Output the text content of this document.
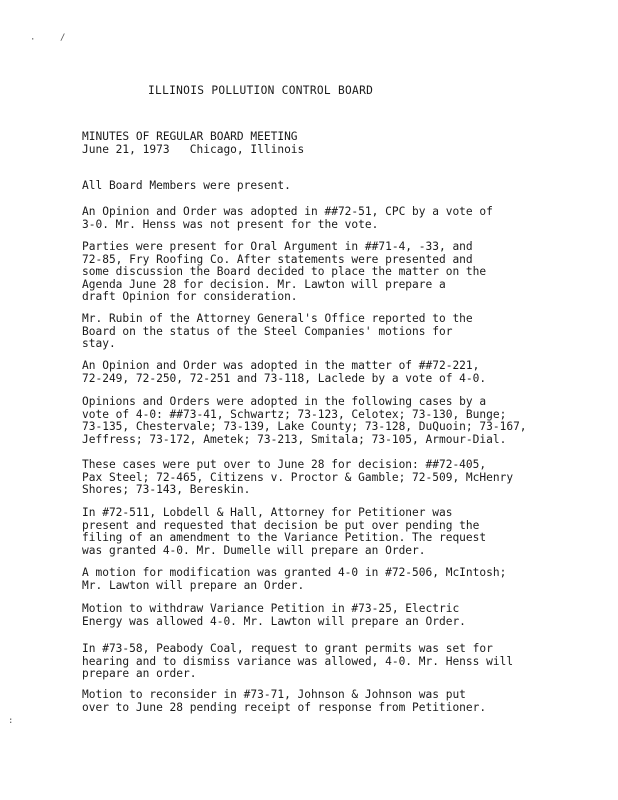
·	/
:
ILLINOIS POLLUTION CONTROL BOARD
MINUTES OF REGULAR BOARD MEETING
June 21, 1973   Chicago, Illinois
All Board Members were present.
An Opinion and Order was adopted in ##72-51, CPC by a vote of
3-0. Mr. Henss was not present for the vote.
Parties were present for Oral Argument in ##71-4, -33, and
72-85, Fry Roofing Co. After statements were presented and
some discussion the Board decided to place the matter on the
Agenda June 28 for decision. Mr. Lawton will prepare a
draft Opinion for consideration.
Mr. Rubin of the Attorney General's Office reported to the
Board on the status of the Steel Companies' motions for
stay.
An Opinion and Order was adopted in the matter of ##72-221,
72-249, 72-250, 72-251 and 73-118, Laclede by a vote of 4-0.
Opinions and Orders were adopted in the following cases by a
vote of 4-0: ##73-41, Schwartz; 73-123, Celotex; 73-130, Bunge;
73-135, Chestervale; 73-139, Lake County; 73-128, DuQuoin; 73-167,
Jeffress; 73-172, Ametek; 73-213, Smitala; 73-105, Armour-Dial.
These cases were put over to June 28 for decision: ##72-405,
Pax Steel; 72-465, Citizens v. Proctor & Gamble; 72-509, McHenry
Shores; 73-143, Bereskin.
In #72-511, Lobdell & Hall, Attorney for Petitioner was
present and requested that decision be put over pending the
filing of an amendment to the Variance Petition. The request
was granted 4-0. Mr. Dumelle will prepare an Order.
A motion for modification was granted 4-0 in #72-506, McIntosh;
Mr. Lawton will prepare an Order.
Motion to withdraw Variance Petition in #73-25, Electric
Energy was allowed 4-0. Mr. Lawton will prepare an Order.
In #73-58, Peabody Coal, request to grant permits was set for
hearing and to dismiss variance was allowed, 4-0. Mr. Henss will
prepare an order.
Motion to reconsider in #73-71, Johnson & Johnson was put
over to June 28 pending receipt of response from Petitioner.
